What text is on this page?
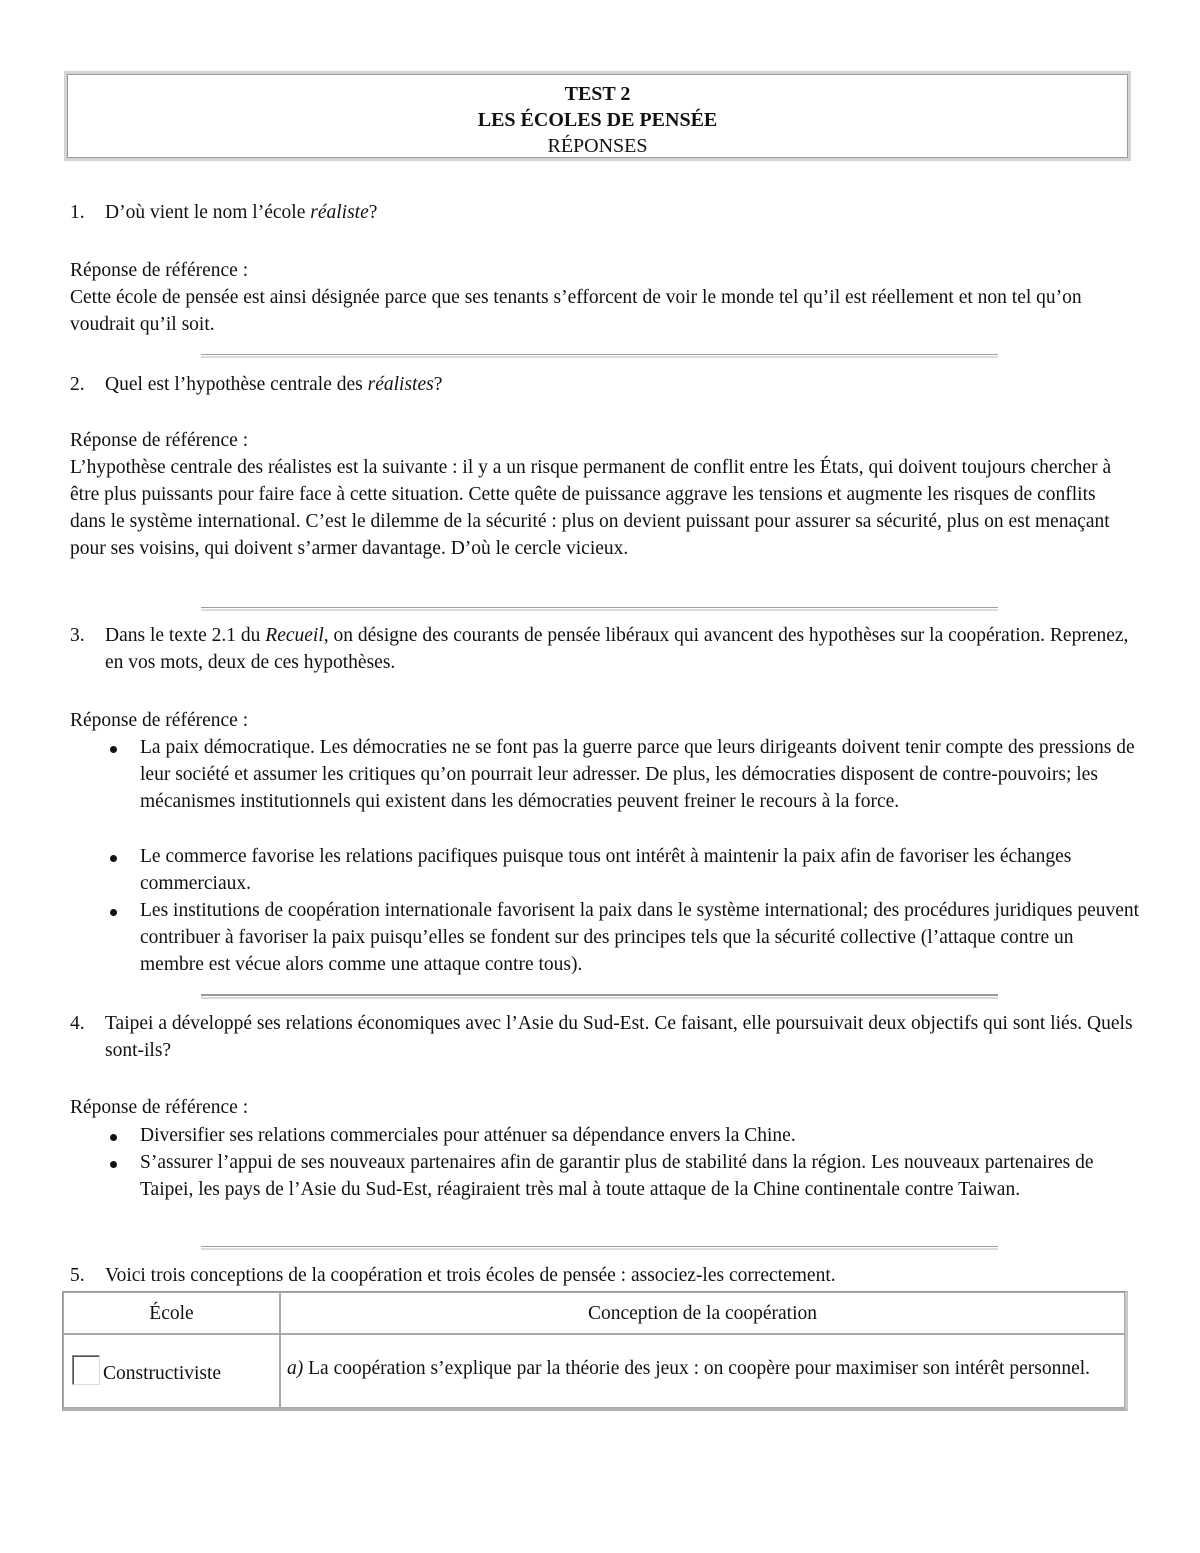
TEST 2
LES ÉCOLES DE PENSÉE
RÉPONSES
1. D’où vient le nom l’école réaliste?
Réponse de référence :
Cette école de pensée est ainsi désignée parce que ses tenants s’efforcent de voir le monde tel qu’il est réellement et non tel qu’on voudrait qu’il soit.
2. Quel est l’hypothèse centrale des réalistes?
Réponse de référence :
L’hypothèse centrale des réalistes est la suivante : il y a un risque permanent de conflit entre les États, qui doivent toujours chercher à être plus puissants pour faire face à cette situation. Cette quête de puissance aggrave les tensions et augmente les risques de conflits dans le système international. C’est le dilemme de la sécurité : plus on devient puissant pour assurer sa sécurité, plus on est menaçant pour ses voisins, qui doivent s’armer davantage. D’où le cercle vicieux.
3. Dans le texte 2.1 du Recueil, on désigne des courants de pensée libéraux qui avancent des hypothèses sur la coopération. Reprenez, en vos mots, deux de ces hypothèses.
Réponse de référence :
La paix démocratique. Les démocraties ne se font pas la guerre parce que leurs dirigeants doivent tenir compte des pressions de leur société et assumer les critiques qu’on pourrait leur adresser. De plus, les démocraties disposent de contre-pouvoirs; les mécanismes institutionnels qui existent dans les démocraties peuvent freiner le recours à la force.
Le commerce favorise les relations pacifiques puisque tous ont intérêt à maintenir la paix afin de favoriser les échanges commerciaux.
Les institutions de coopération internationale favorisent la paix dans le système international; des procédures juridiques peuvent contribuer à favoriser la paix puisqu’elles se fondent sur des principes tels que la sécurité collective (l’attaque contre un membre est vécue alors comme une attaque contre tous).
4. Taipei a développé ses relations économiques avec l’Asie du Sud-Est. Ce faisant, elle poursuivait deux objectifs qui sont liés. Quels sont-ils?
Réponse de référence :
Diversifier ses relations commerciales pour atténuer sa dépendance envers la Chine.
S’assurer l’appui de ses nouveaux partenaires afin de garantir plus de stabilité dans la région. Les nouveaux partenaires de Taipei, les pays de l’Asie du Sud-Est, réagiraient très mal à toute attaque de la Chine continentale contre Taiwan.
5. Voici trois conceptions de la coopération et trois écoles de pensée : associez-les correctement.
École	Conception de la coopération
Constructiviste	a) La coopération s’explique par la théorie des jeux : on coopère pour maximiser son intérêt personnel.
